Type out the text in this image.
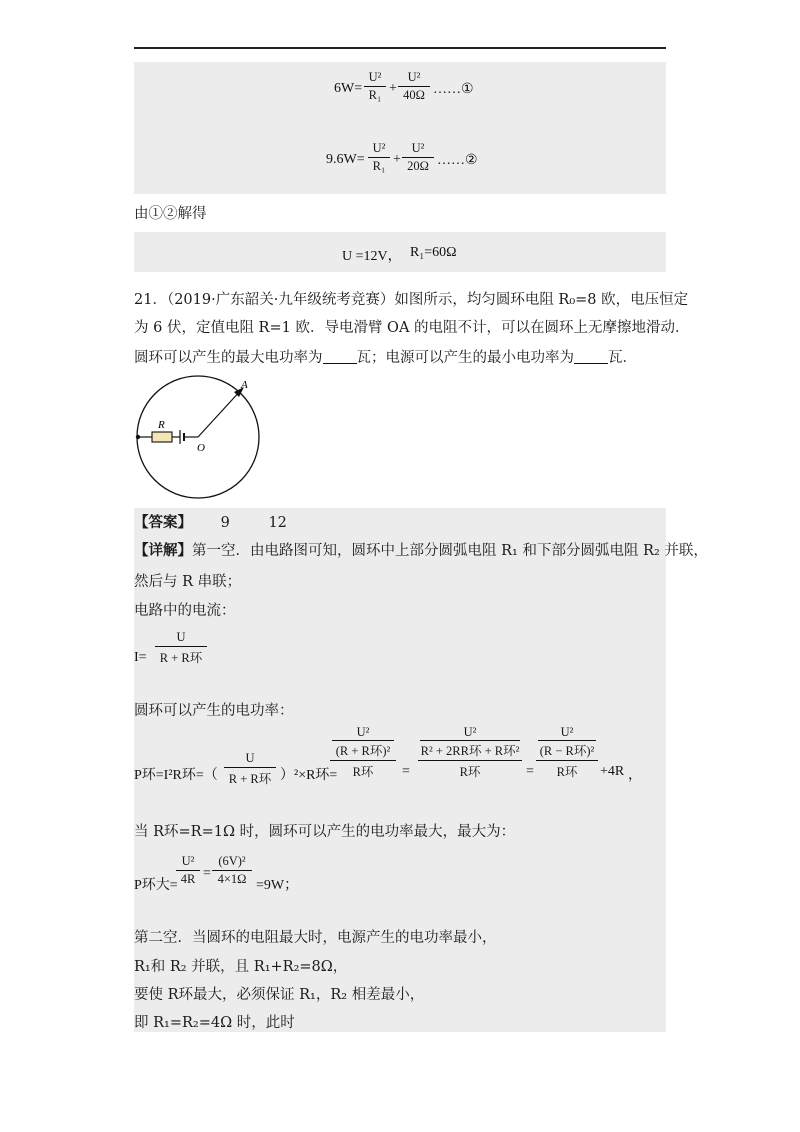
$6W= \frac{\text{U²}}{\text{R₁}} + \frac{\text{U²}}{40\Omega}$ ……①
$9.6W= \frac{\text{U²}}{\text{R₁}} + \frac{\text{U²}}{20\Omega}$ ……②
由①②解得
U =12V， R₁=60Ω
21．（2019·广东韶关·九年级统考竞赛）如图所示，均匀圆环电阻 R₀=8 欧，电压恒定
为 6 伏，定值电阻 R=1 欧．导电滑臂 OA 的电阻不计，可以在圆环上无摩擦地滑动．
圆环可以产生的最大电功率为 瓦；电源可以产生的最小电功率为 瓦．
A
R
O
【答案】 9	12
【详解】第一空．由电路图可知，圆环中上部分圆弧电阻 R₁ 和下部分圆弧电阻 R₂ 并联，
然后与 R 串联；
电路中的电流：
I=
U
R + R环
圆环可以产生的电功率：
P环=I²R环=（
U
R + R环 ）²×R环=
U²
(R + R环)²
R环	=
U²
R² + 2RR环 + R环²
R环	=
U²
(R − R环)²
R环	+4R ，
当 R环=R=1Ω 时，圆环可以产生的电功率最大，最大为：
P环大=
$\frac{\text{U²}}{4R} = \frac{\text{(6V)²}}{4\times 1\Omega} =9W$；
第二空．当圆环的电阻最大时，电源产生的电功率最小，
R₁和 R₂ 并联，且 R₁+R₂=8Ω，
要使 R环最大，必须保证 R₁，R₂ 相差最小，
即 R₁=R₂=4Ω 时，此时
